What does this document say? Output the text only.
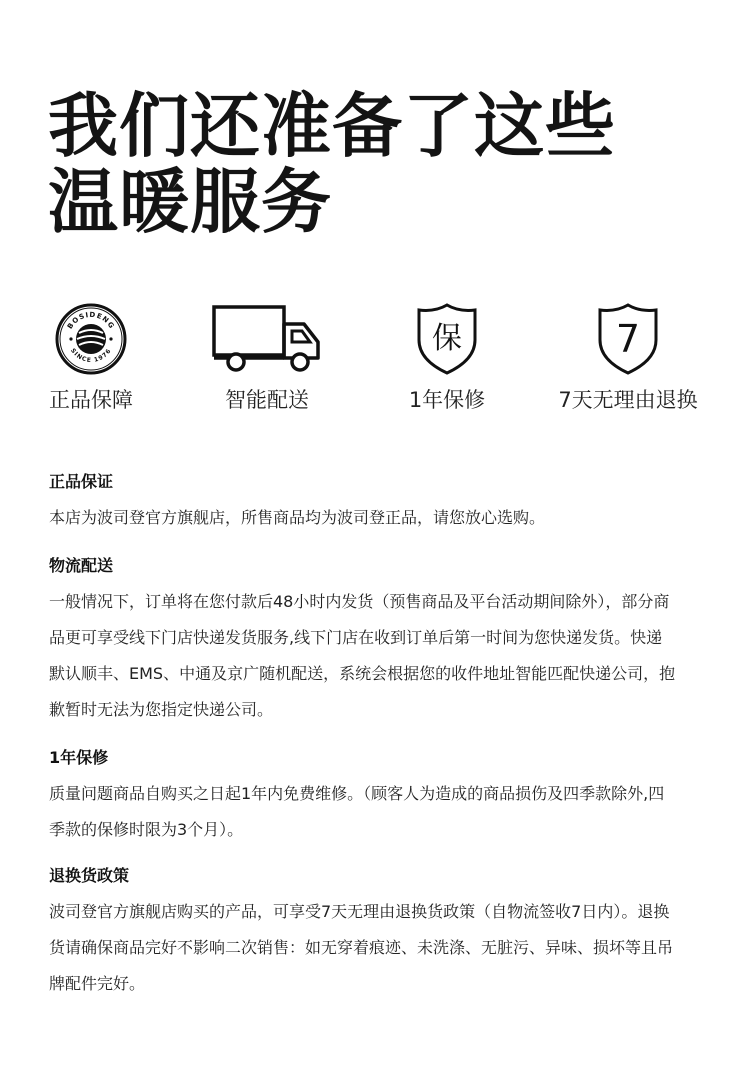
我们还准备了这些
温暖服务
BOSIDENG
SINCE 1976
正品保障	智能配送
保
1年保修
7
7天无理由退换
正品保证

本店为波司登官方旗舰店，所售商品均为波司登正品，请您放心选购。

物流配送

一般情况下，订单将在您付款后48小时内发货（预售商品及平台活动期间除外），部分商
品更可享受线下门店快递发货服务,线下门店在收到订单后第一时间为您快递发货。快递
默认顺丰、EMS、中通及京广随机配送，系统会根据您的收件地址智能匹配快递公司，抱
歉暂时无法为您指定快递公司。

1年保修

质量问题商品自购买之日起1年内免费维修。（顾客人为造成的商品损伤及四季款除外,四
季款的保修时限为3个月）。

退换货政策

波司登官方旗舰店购买的产品，可享受7天无理由退换货政策（自物流签收7日内）。退换
货请确保商品完好不影响二次销售：如无穿着痕迹、未洗涤、无脏污、异味、损坏等且吊
牌配件完好。
